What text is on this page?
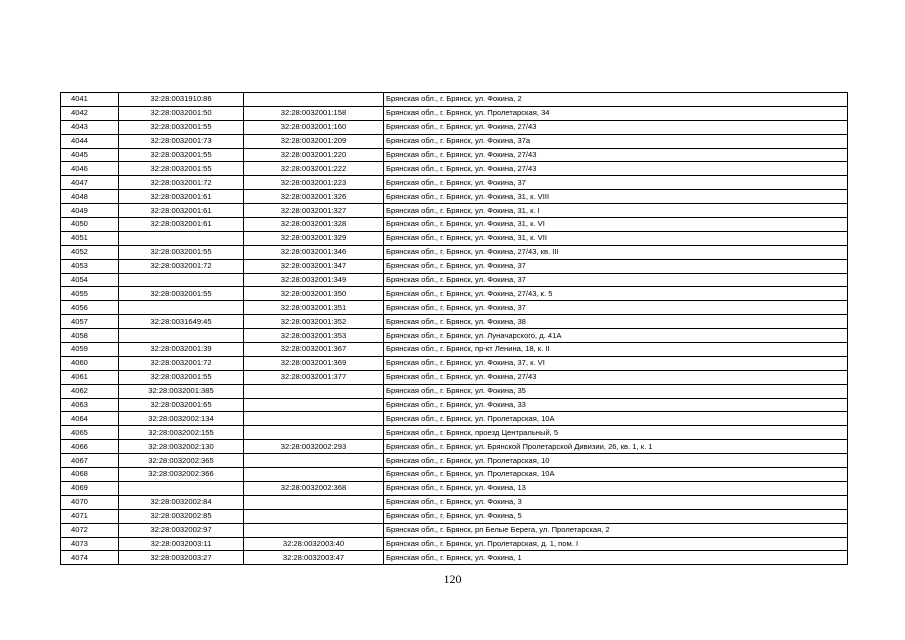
4041	32:28:0031910:86		Брянская обл., г. Брянск, ул. Фокина, 2
4042	32:28:0032001:50	32:28:0032001:158	Брянская обл., г. Брянск, ул. Пролетарская, 34
4043	32:28:0032001:55	32:28:0032001:160	Брянская обл., г. Брянск, ул. Фокина, 27/43
4044	32:28:0032001:73	32:28:0032001:209	Брянская обл., г. Брянск, ул. Фокина, 37а
4045	32:28:0032001:55	32:28:0032001:220	Брянская обл., г. Брянск, ул. Фокина, 27/43
4046	32:28:0032001:55	32:28:0032001:222	Брянская обл., г. Брянск, ул. Фокина, 27/43
4047	32:28:0032001:72	32:28:0032001:223	Брянская обл., г. Брянск, ул. Фокина, 37
4048	32:28:0032001:61	32:28:0032001:326	Брянская обл., г. Брянск, ул. Фокина, 31, к. VIII
4049	32:28:0032001:61	32:28:0032001:327	Брянская обл., г. Брянск, ул. Фокина, 31, к. I
4050	32:28:0032001:61	32:28:0032001:328	Брянская обл., г. Брянск, ул. Фокина, 31, к. VI
4051		32:28:0032001:329	Брянская обл., г. Брянск, ул. Фокина, 31, к. VII
4052	32:28:0032001:55	32:28:0032001:346	Брянская обл., г. Брянск, ул. Фокина, 27/43, кв. III
4053	32:28:0032001:72	32:28:0032001:347	Брянская обл., г. Брянск, ул. Фокина, 37
4054		32:28:0032001:349	Брянская обл., г. Брянск, ул. Фокина, 37
4055	32:28:0032001:55	32:28:0032001:350	Брянская обл., г. Брянск, ул. Фокина, 27/43, к. 5
4056		32:28:0032001:351	Брянская обл., г. Брянск, ул. Фокина, 37
4057	32:28:0031649:45	32:28:0032001:352	Брянская обл., г. Брянск, ул. Фокина, 38
4058		32:28:0032001:353	Брянская обл., г. Брянск, ул. Луначарского, д. 41А
4059	32:28:0032001:39	32:28:0032001:367	Брянская обл., г. Брянск, пр-кт Ленина, 18, к. II
4060	32:28:0032001:72	32:28:0032001:369	Брянская обл., г. Брянск, ул. Фокина, 37, к. VI
4061	32:28:0032001:55	32:28:0032001:377	Брянская обл., г. Брянск, ул. Фокина, 27/43
4062	32:28:0032001:385		Брянская обл., г. Брянск, ул. Фокина, 35
4063	32:28:0032001:65		Брянская обл., г. Брянск, ул. Фокина, 33
4064	32:28:0032002:134		Брянская обл., г. Брянск, ул. Пролетарская, 10А
4065	32:28:0032002:155		Брянская обл., г. Брянск, проезд Центральный, 5
4066	32:28:0032002:130	32:28:0032002:293	Брянская обл., г. Брянск, ул. Брянской Пролетарской Дивизии, 26, кв. 1, к. 1
4067	32:28:0032002:365		Брянская обл., г. Брянск, ул. Пролетарская, 10
4068	32:28:0032002:366		Брянская обл., г. Брянск, ул. Пролетарская, 10А
4069		32:28:0032002:368	Брянская обл., г. Брянск, ул. Фокина, 13
4070	32:28:0032002:84		Брянская обл., г. Брянск, ул. Фокина, 3
4071	32:28:0032002:85		Брянская обл., г. Брянск, ул. Фокина, 5
4072	32:28:0032002:97		Брянская обл., г. Брянск, рп Белые Берега, ул. Пролетарская, 2
4073	32:28:0032003:11	32:28:0032003:40	Брянская обл., г. Брянск, ул. Пролетарская, д. 1, пом. I
4074	32:28:0032003:27	32:28:0032003:47	Брянская обл., г. Брянск, ул. Фокина, 1
120
